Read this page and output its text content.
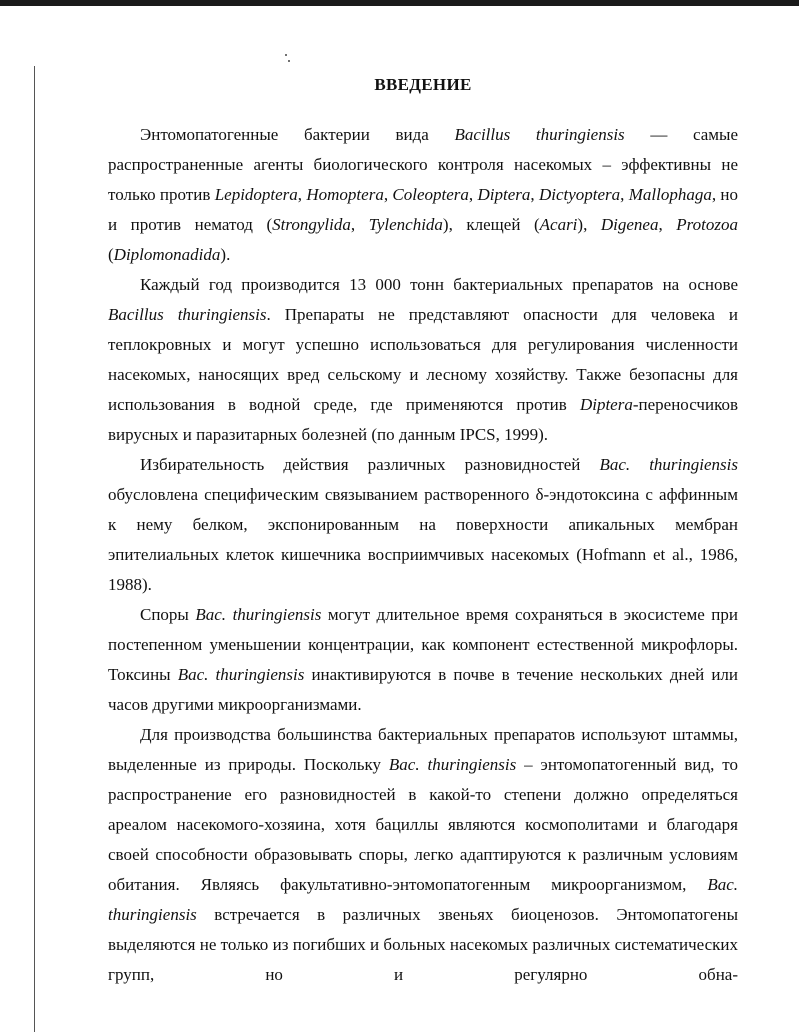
ВВЕДЕНИЕ

Энтомопатогенные бактерии вида Bacillus thuringiensis — самые распространенные агенты биологического контроля насекомых – эффективны не только против Lepidoptera, Homoptera, Coleoptera, Diptera, Dictyoptera, Mallophaga, но и против нематод (Strongylida, Tylenchida), клещей (Acari), Digenea, Protozoa (Diplomonadida).

Каждый год производится 13 000 тонн бактериальных препаратов на основе Bacillus thuringiensis. Препараты не представляют опасности для человека и теплокровных и могут успешно использоваться для регулирования численности насекомых, наносящих вред сельскому и лесному хозяйству. Также безопасны для использования в водной среде, где применяются против Diptera-переносчиков вирусных и паразитарных болезней (по данным IPCS, 1999).

Избирательность действия различных разновидностей Bac. thuringiensis обусловлена специфическим связыванием растворенного δ-эндотоксина с аффинным к нему белком, экспонированным на поверхности апикальных мембран эпителиальных клеток кишечника восприимчивых насекомых (Hofmann et al., 1986, 1988).

Споры Bac. thuringiensis могут длительное время сохраняться в экосистеме при постепенном уменьшении концентрации, как компонент естественной микрофлоры. Токсины Bac. thuringiensis инактивируются в почве в течение нескольких дней или часов другими микроорганизмами.

Для производства большинства бактериальных препаратов используют штаммы, выделенные из природы. Поскольку Bac. thuringiensis – энтомопатогенный вид, то распространение его разновидностей в какой-то степени должно определяться ареалом насекомого-хозяина, хотя бациллы являются космополитами и благодаря своей способности образовывать споры, легко адаптируются к различным условиям обитания. Являясь факультативно-энтомопатогенным микроорганизмом, Bac. thuringiensis встречается в различных звеньях биоценозов. Энтомопатогены выделяются не только из погибших и больных насекомых различных систематических групп, но и регулярно обна-
